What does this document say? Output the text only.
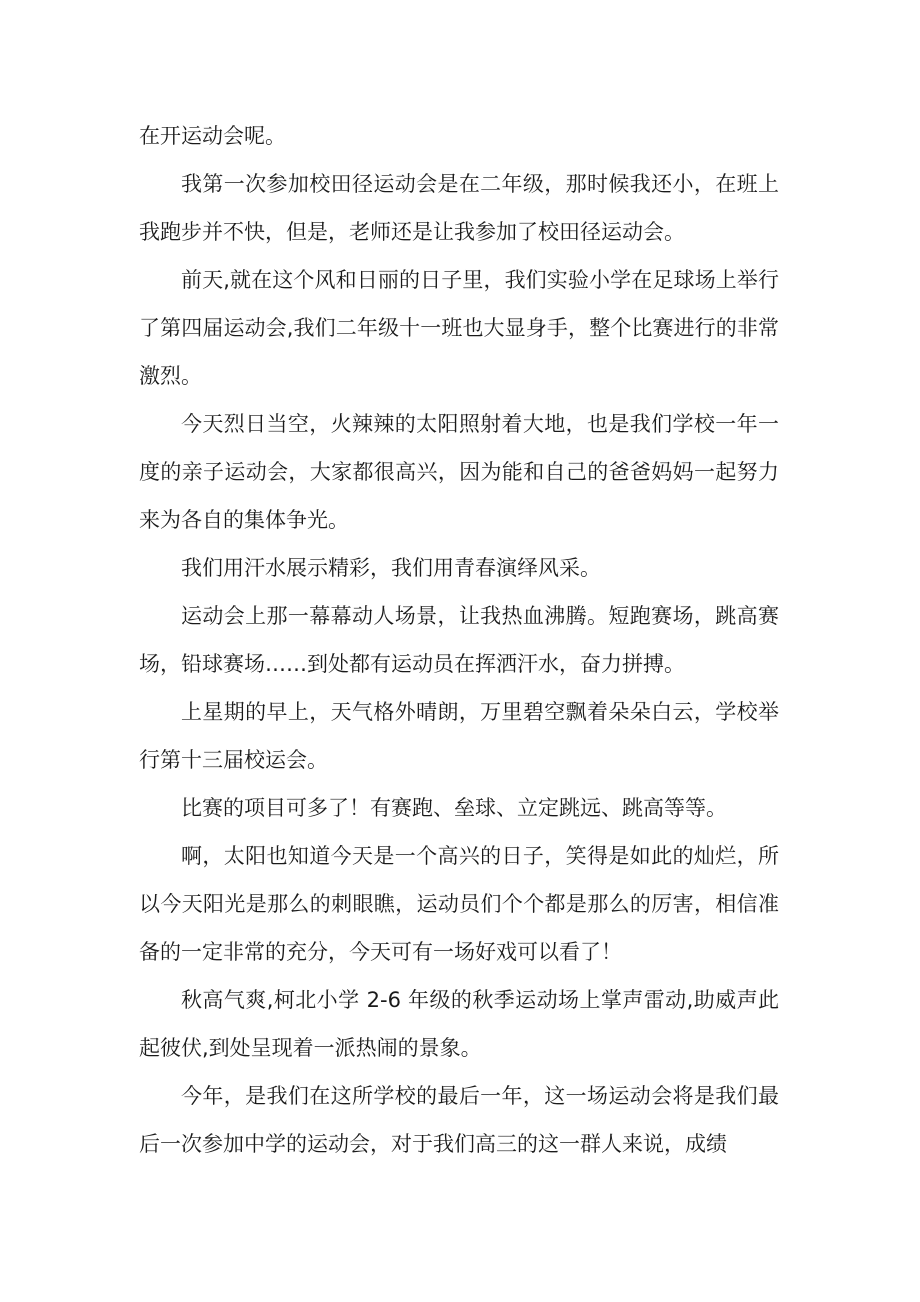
在开运动会呢。

我第一次参加校田径运动会是在二年级，那时候我还小，在班上我跑步并不快，但是，老师还是让我参加了校田径运动会。

前天,就在这个风和日丽的日子里，我们实验小学在足球场上举行了第四届运动会,我们二年级十一班也大显身手，整个比赛进行的非常激烈。

今天烈日当空，火辣辣的太阳照射着大地，也是我们学校一年一度的亲子运动会，大家都很高兴，因为能和自己的爸爸妈妈一起努力来为各自的集体争光。

我们用汗水展示精彩，我们用青春演绎风采。

运动会上那一幕幕动人场景，让我热血沸腾。短跑赛场，跳高赛场，铅球赛场……到处都有运动员在挥洒汗水，奋力拼搏。

上星期的早上，天气格外晴朗，万里碧空飘着朵朵白云，学校举行第十三届校运会。

比赛的项目可多了！有赛跑、垒球、立定跳远、跳高等等。

啊，太阳也知道今天是一个高兴的日子，笑得是如此的灿烂，所以今天阳光是那么的刺眼瞧，运动员们个个都是那么的厉害，相信准备的一定非常的充分，今天可有一场好戏可以看了！

秋高气爽,柯北小学 2-6 年级的秋季运动场上掌声雷动,助威声此起彼伏,到处呈现着一派热闹的景象。

今年，是我们在这所学校的最后一年，这一场运动会将是我们最后一次参加中学的运动会，对于我们高三的这一群人来说，成绩
